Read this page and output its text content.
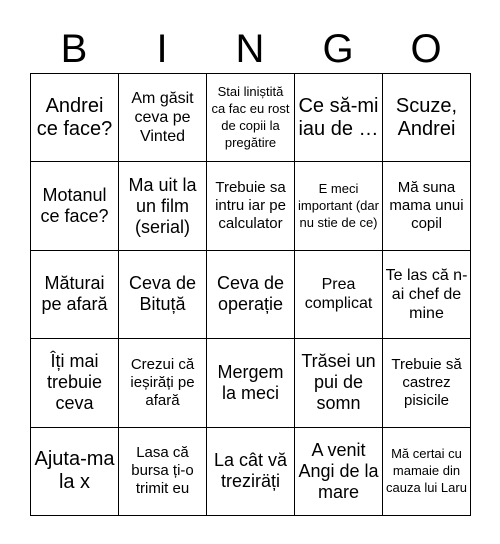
B	I	N	G	O
Andrei ce face?
Am găsit ceva pe Vinted
Stai liniștită ca fac eu rost de copii la pregătire
Ce să-mi iau de …
Scuze, Andrei
Motanul ce face?
Ma uit la un film (serial)
Trebuie sa intru iar pe calculator
E meci important (dar nu stie de ce)
Mă suna mama unui copil
Măturai pe afară
Ceva de Bituță
Ceva de operație
Prea complicat
Te las că n-ai chef de mine
Îți mai trebuie ceva
Crezui că ieșirăți pe afară
Mergem la meci
Trăsei un pui de somn
Trebuie să castrez pisicile
Ajuta-ma la x
Lasa că bursa ți-o trimit eu
La cât vă treziräți
A venit Angi de la mare
Mă certai cu mamaie din cauza lui Laru
